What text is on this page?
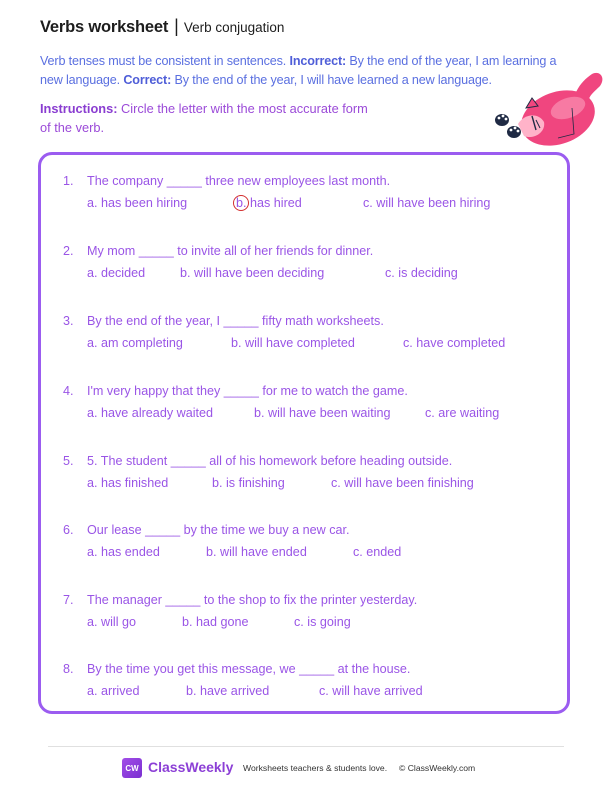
Verbs worksheet | Verb conjugation
Verb tenses must be consistent in sentences. Incorrect: By the end of the year, I am learning a new language. Correct: By the end of the year, I will have learned a new language.
Instructions: Circle the letter with the most accurate form of the verb.
1.	The company _____ three new employees last month.
a. has been hiring	b. has hired	c. will have been hiring
2.	My mom _____ to invite all of her friends for dinner.
a. decided	b. will have been deciding	c. is deciding
3.	By the end of the year, I _____ fifty math worksheets.
a. am completing	b. will have completed	c. have completed
4.	I'm very happy that they _____ for me to watch the game.
a. have already waited	b. will have been waiting	c. are waiting
5.	5. The student _____ all of his homework before heading outside.
a. has finished	b. is finishing	c. will have been finishing
6.	Our lease _____ by the time we buy a new car.
a. has ended	b. will have ended	c. ended
7.	The manager _____ to the shop to fix the printer yesterday.
a. will go	b. had gone	c. is going
8.	By the time you get this message, we _____ at the house.
a. arrived	b. have arrived	c. will have arrived
CW ClassWeekly Worksheets teachers & students love. © ClassWeekly.com
